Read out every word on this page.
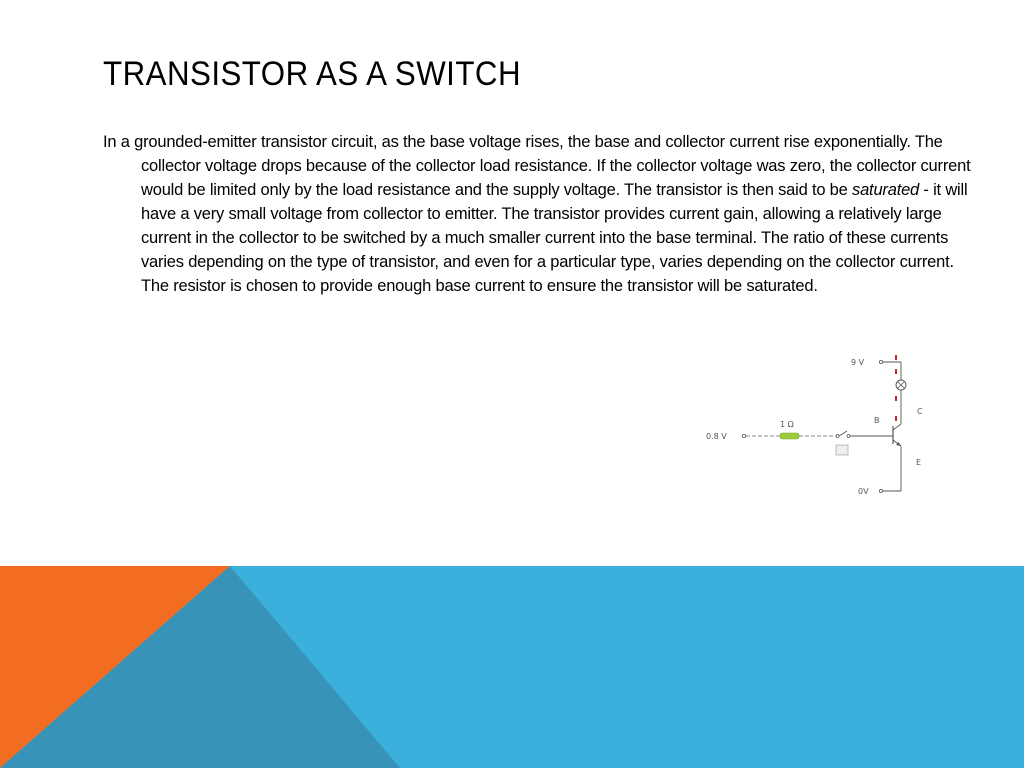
TRANSISTOR AS A SWITCH

In a grounded-emitter transistor circuit, as the base voltage rises, the base and collector current rise exponentially. The collector voltage drops because of the collector load resistance. If the collector voltage was zero, the collector current would be limited only by the load resistance and the supply voltage. The transistor is then said to be saturated - it will have a very small voltage from collector to emitter. The transistor provides current gain, allowing a relatively large current in the collector to be switched by a much smaller current into the base terminal. The ratio of these currents varies depending on the type of transistor, and even for a particular type, varies depending on the collector current. The resistor is chosen to provide enough base current to ensure the transistor will be saturated.

9 V
C
B
E
0V
0.8 V
1 Ω
